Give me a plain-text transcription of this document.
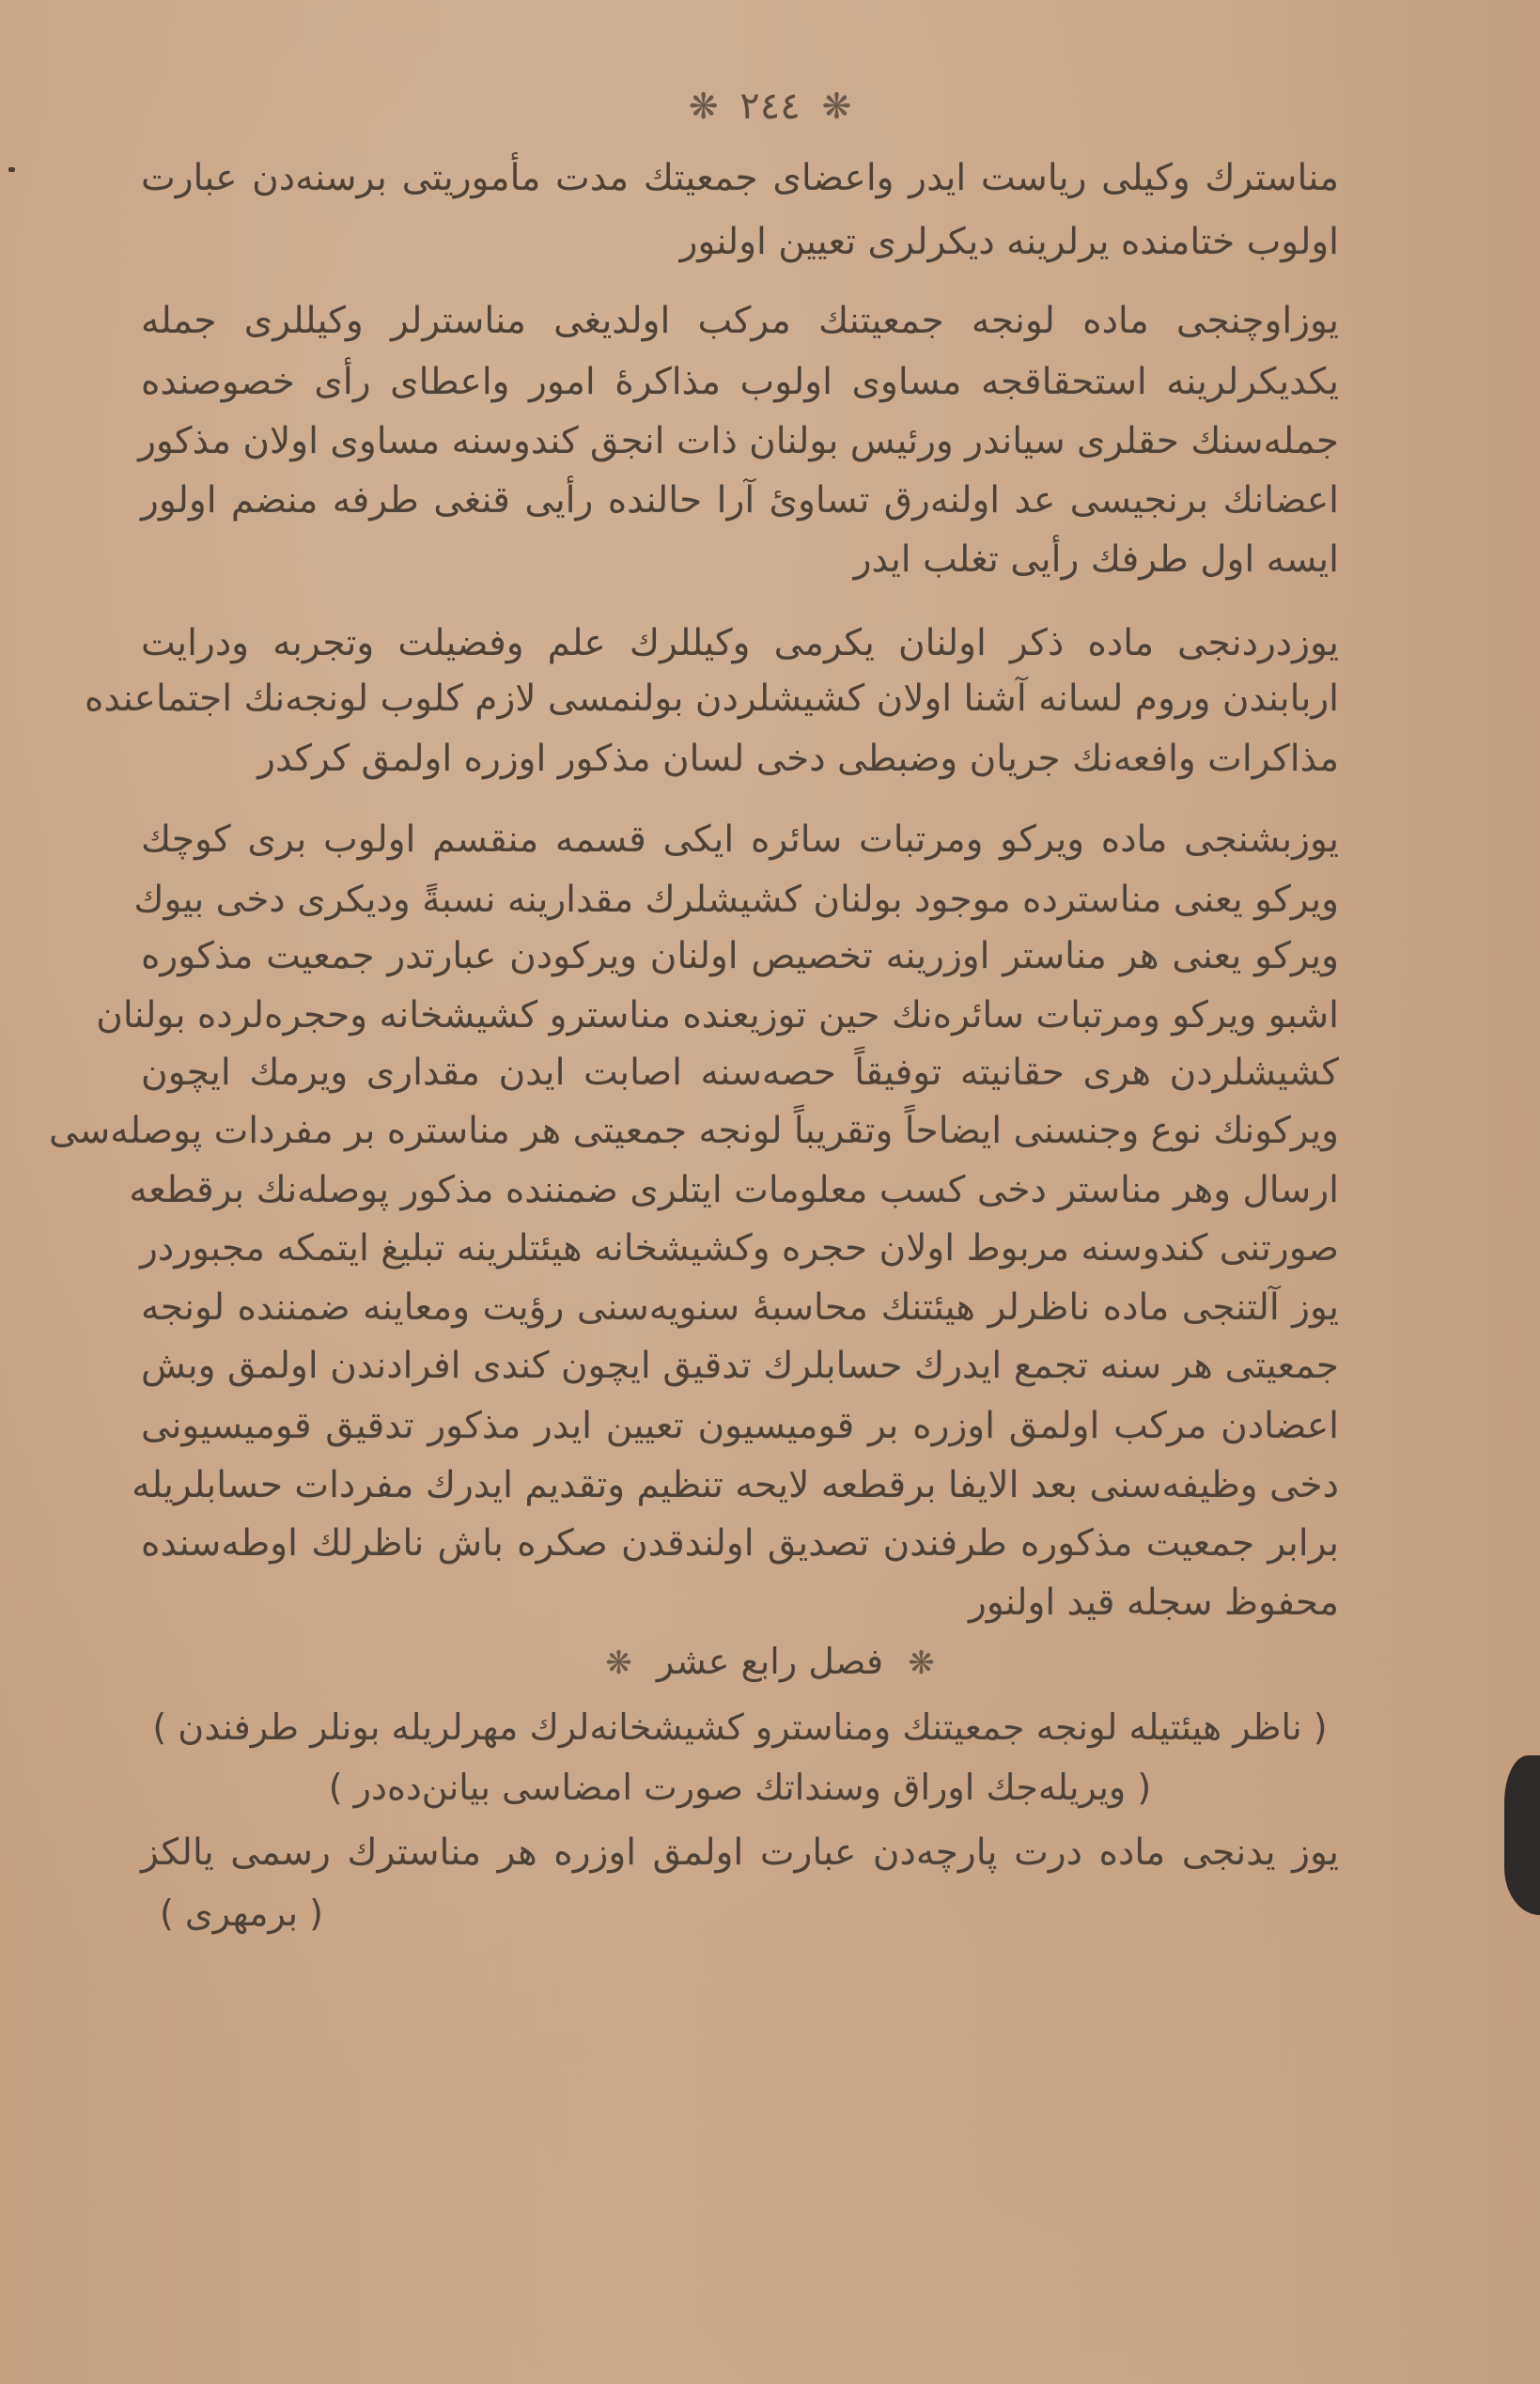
❋ ٢٤٤ ❋
مناسترك وكيلى رياست ايدر واعضاى جمعيتك مدت مأموريتى برسنه‌دن عبارت
اولوب ختامنده يرلرينه ديكرلرى تعيين اولنور
يوزاوچنجى ماده لونجه جمعيتنك مركب اولديغى مناسترلر وكيللرى جمله‌
يكديكرلرينه استحقاقجه مساوى اولوب مذاكرهٔ امور واعطاى رأى خصوصنده
جمله‌سنك حقلرى سياندر ورئيس بولنان ذات انجق كندوسنه مساوى اولان مذكور
اعضانك برنجيسى عد اولنه‌رق تساوىٔ آرا حالنده رأيى قنغى طرفه منضم اولور
ايسه اول طرفك رأيى تغلب ايدر
يوزدردنجى ماده ذكر اولنان يكرمى وكيللرك علم وفضيلت وتجربه ودرايت
اربابندن وروم لسانه آشنا اولان كشيشلردن بولنمسى لازم كلوب لونجه‌نك اجتماعنده
مذاكرات وافعه‌نك جريان وضبطى دخى لسان مذكور اوزره اولمق كركدر
يوزبشنجى ماده ويركو ومرتبات سائره ايكى قسمه منقسم اولوب برى كوچك
ويركو يعنى مناسترده موجود بولنان كشيشلرك مقدارينه نسبةً وديكرى دخى بيوك
ويركو يعنى هر مناستر اوزرينه تخصيص اولنان ويركودن عبارتدر جمعيت مذكوره
اشبو ويركو ومرتبات سائره‌نك حين توزيعنده مناسترو كشيشخانه وحجره‌لرده بولنان
كشيشلردن هرى حقانيته توفيقاً حصه‌سنه اصابت ايدن مقدارى ويرمك ايچون
ويركونك نوع وجنسنى ايضاحاً وتقريباً لونجه جمعيتى هر مناستره بر مفردات پوصله‌سى
ارسال وهر مناستر دخى كسب معلومات ايتلرى ضمننده مذكور پوصله‌نك برقطعه
صورتنى كندوسنه مربوط اولان حجره وكشيشخانه هيئتلرينه تبليغ ايتمكه مجبوردر
يوز آلتنجى ماده ناظرلر هيئتنك محاسبهٔ سنويه‌سنى رؤيت ومعاينه ضمننده لونجه
جمعيتى هر سنه تجمع ايدرك حسابلرك تدقيق ايچون كندى افرادندن اولمق وبش
اعضادن مركب اولمق اوزره بر قوميسيون تعيين ايدر مذكور تدقيق قوميسيونى
دخى وظيفه‌سنى بعد الايفا برقطعه لايحه تنظيم وتقديم ايدرك مفردات حسابلريله
برابر جمعيت مذكوره طرفندن تصديق اولندقدن صكره باش ناظرلك اوطه‌سنده
محفوظ سجله قيد اولنور
❋ فصل رابع عشر ❋
( ناظر هيئتيله لونجه جمعيتنك ومناسترو كشيشخانه‌لرك مهرلريله بونلر طرفندن )
( ويريله‌جك اوراق وسنداتك صورت امضاسى بيانن‌ده‌در )
يوز يدنجى ماده درت پارچه‌دن عبارت اولمق اوزره هر مناسترك رسمى يالكز
( برمهرى )
